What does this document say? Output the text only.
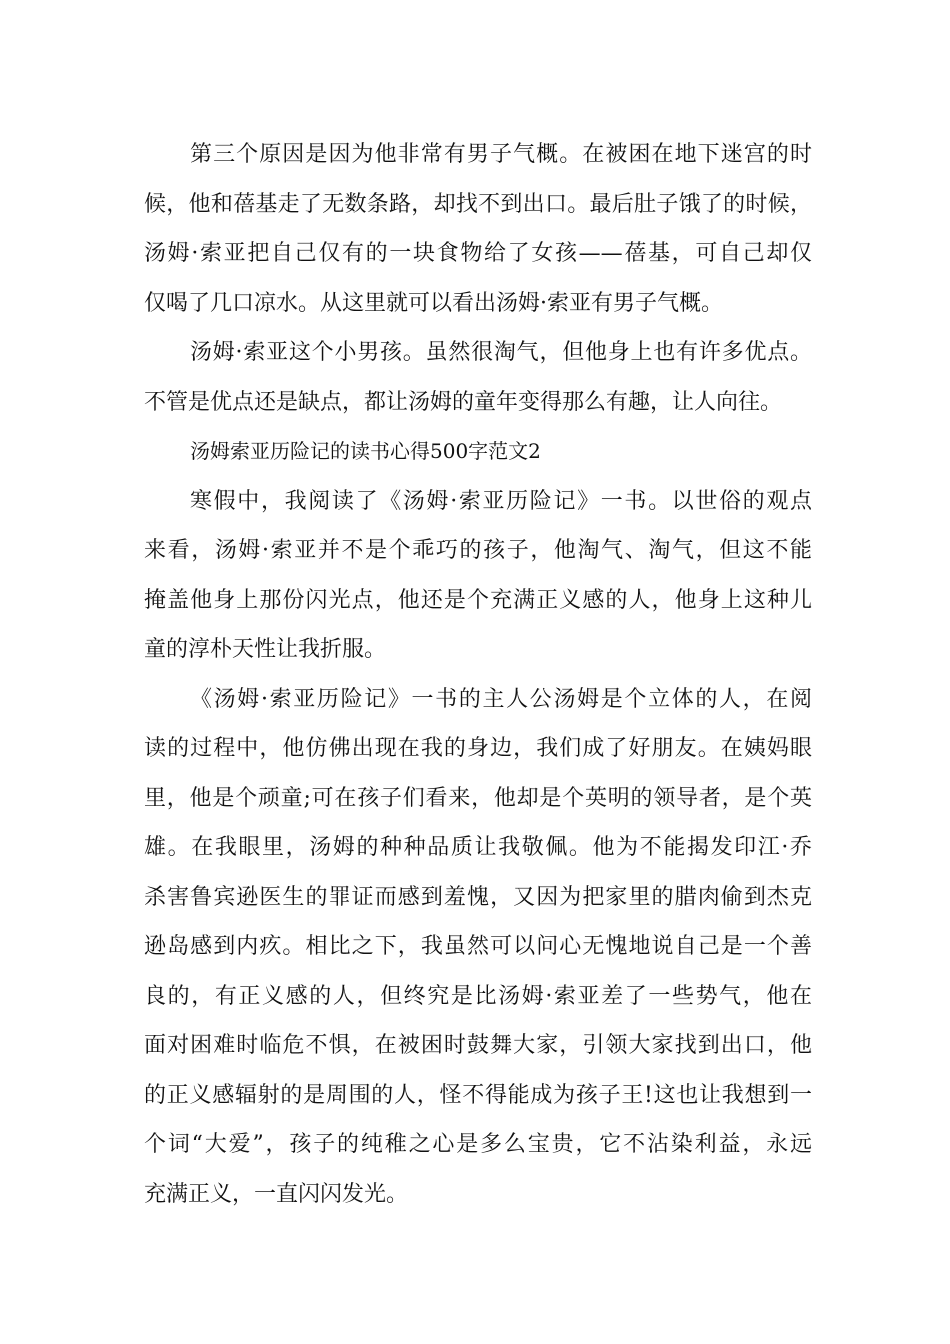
第三个原因是因为他非常有男子气概。在被困在地下迷宫的时
候，他和蓓基走了无数条路，却找不到出口。最后肚子饿了的时候，
汤姆·索亚把自己仅有的一块食物给了女孩——蓓基，可自己却仅
仅喝了几口凉水。从这里就可以看出汤姆·索亚有男子气概。
汤姆·索亚这个小男孩。虽然很淘气，但他身上也有许多优点。
不管是优点还是缺点，都让汤姆的童年变得那么有趣，让人向往。
汤姆索亚历险记的读书心得500字范文2
寒假中，我阅读了《汤姆·索亚历险记》一书。以世俗的观点
来看，汤姆·索亚并不是个乖巧的孩子，他淘气、淘气，但这不能
掩盖他身上那份闪光点，他还是个充满正义感的人，他身上这种儿
童的淳朴天性让我折服。
《汤姆·索亚历险记》一书的主人公汤姆是个立体的人，在阅
读的过程中，他仿佛出现在我的身边，我们成了好朋友。在姨妈眼
里，他是个顽童;可在孩子们看来，他却是个英明的领导者，是个英
雄。在我眼里，汤姆的种种品质让我敬佩。他为不能揭发印江·乔
杀害鲁宾逊医生的罪证而感到羞愧，又因为把家里的腊肉偷到杰克
逊岛感到内疚。相比之下，我虽然可以问心无愧地说自己是一个善
良的，有正义感的人，但终究是比汤姆·索亚差了一些势气，他在
面对困难时临危不惧，在被困时鼓舞大家，引领大家找到出口，他
的正义感辐射的是周围的人，怪不得能成为孩子王!这也让我想到一
个词“大爱”，孩子的纯稚之心是多么宝贵，它不沾染利益，永远
充满正义，一直闪闪发光。
